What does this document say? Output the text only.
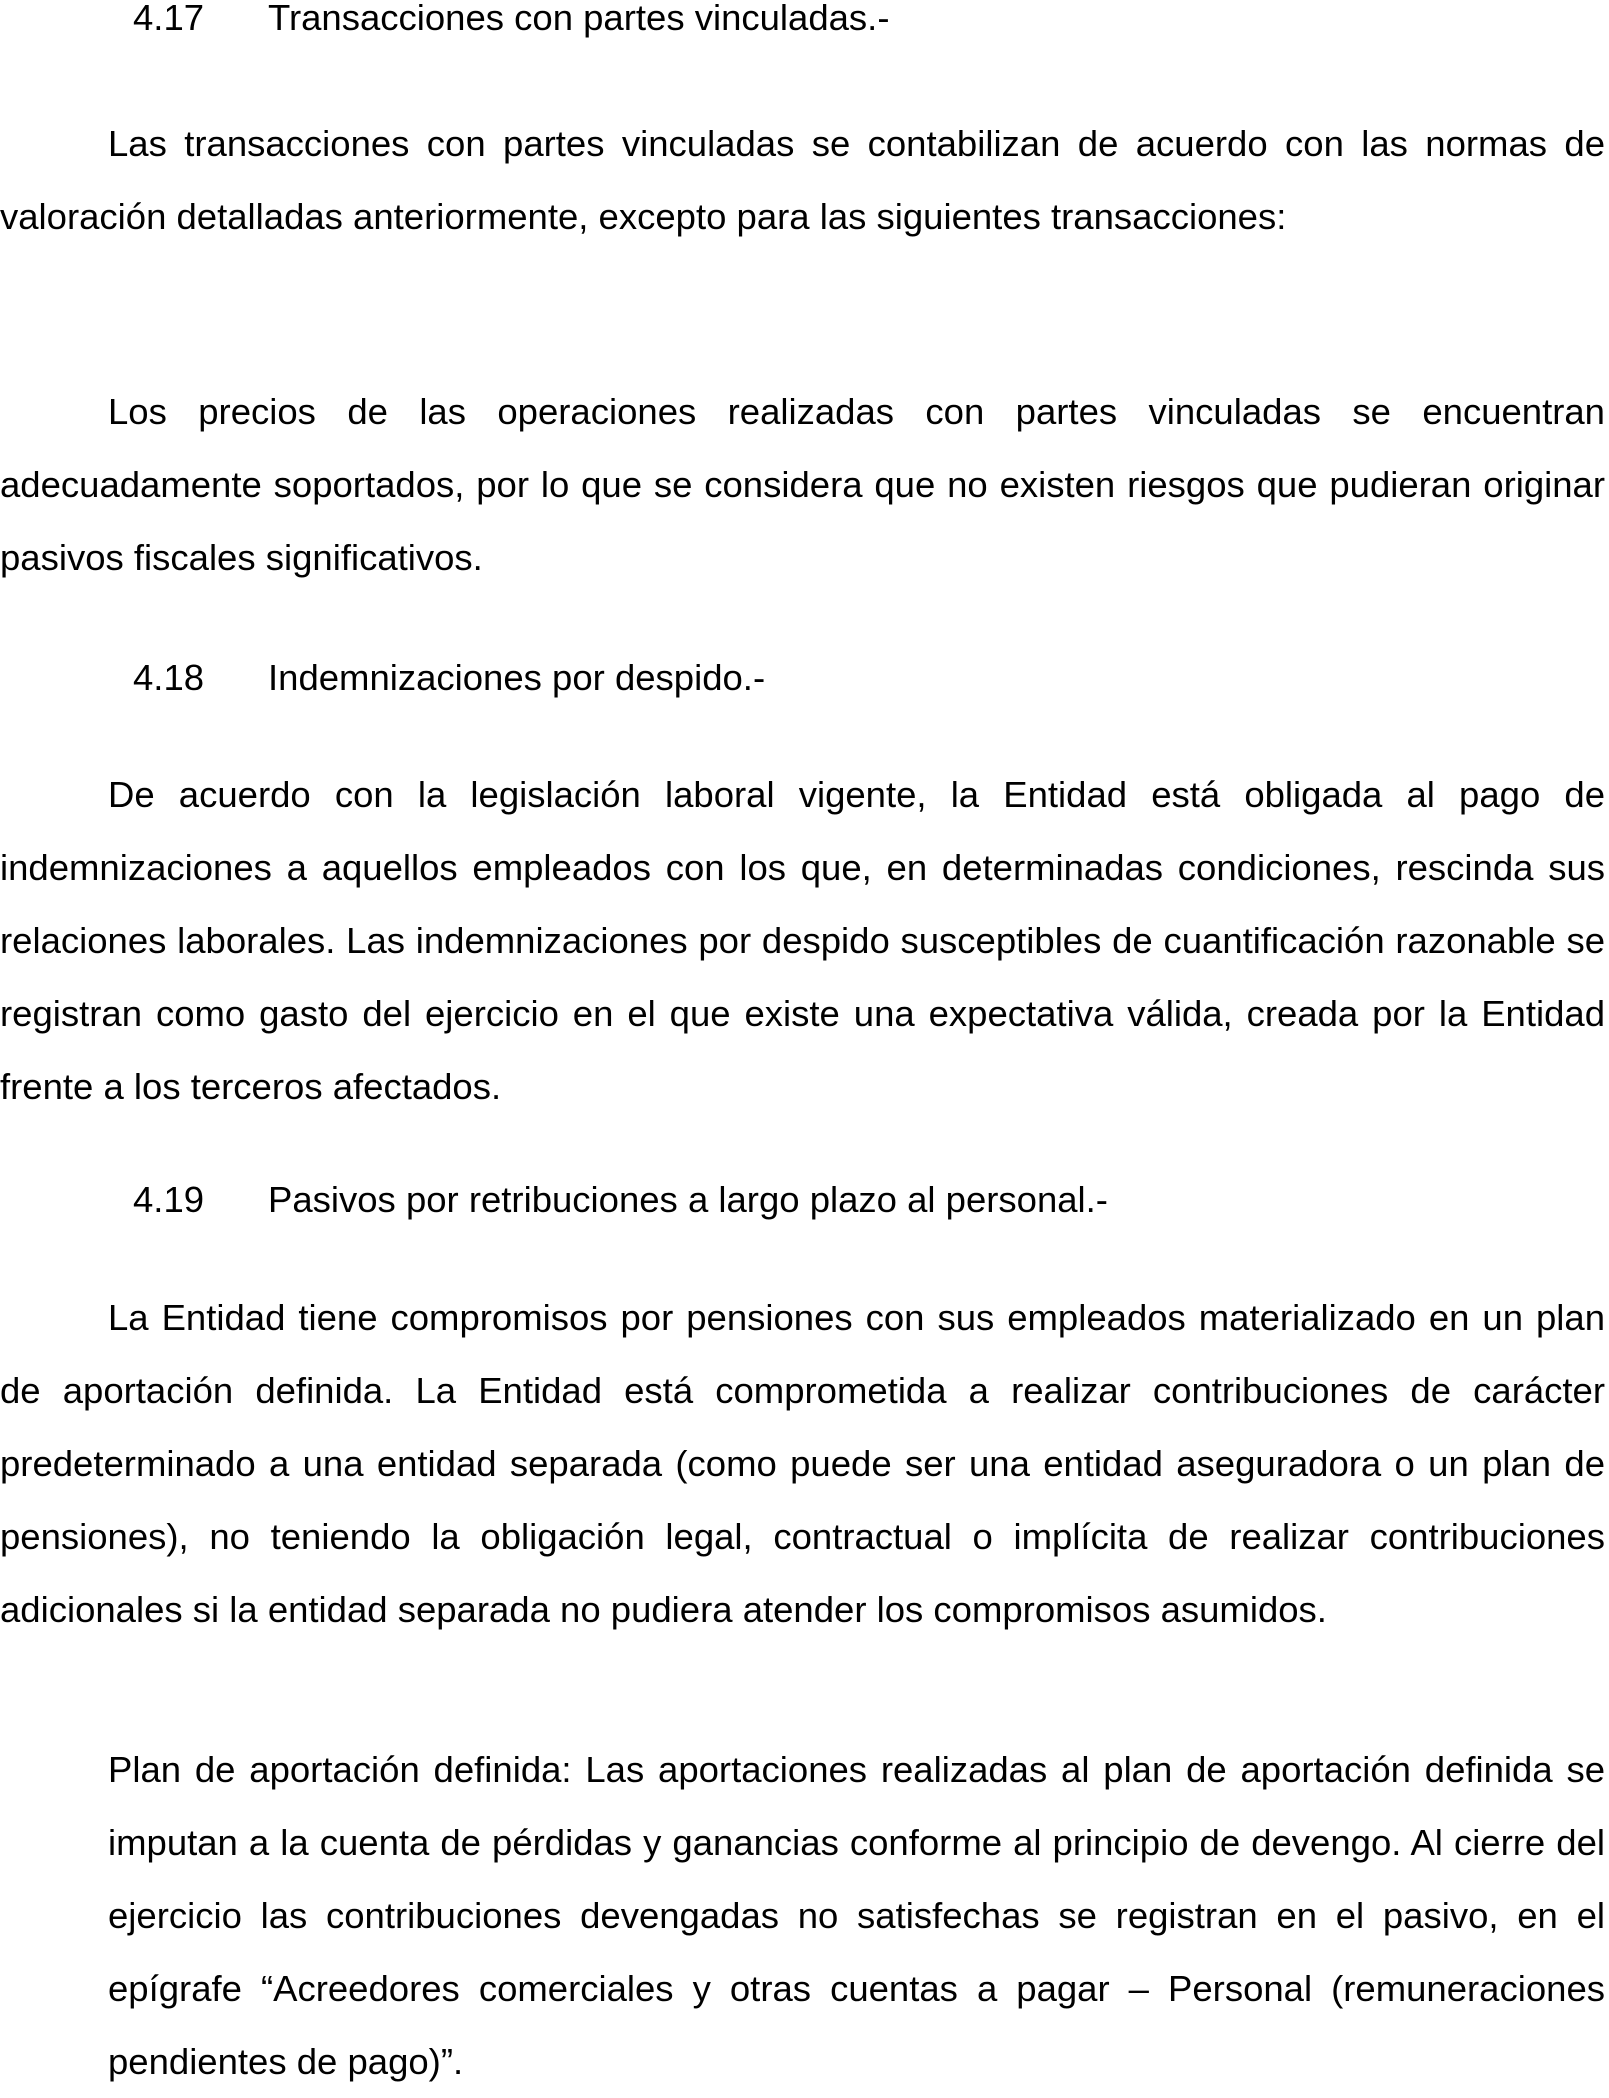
4.17 Transacciones con partes vinculadas.-

Las transacciones con partes vinculadas se contabilizan de acuerdo con las normas de valoración detalladas anteriormente, excepto para las siguientes transacciones:

Los precios de las operaciones realizadas con partes vinculadas se encuentran adecuadamente soportados, por lo que se considera que no existen riesgos que pudieran originar pasivos fiscales significativos.

4.18 Indemnizaciones por despido.-

De acuerdo con la legislación laboral vigente, la Entidad está obligada al pago de indemnizaciones a aquellos empleados con los que, en determinadas condiciones, rescinda sus relaciones laborales. Las indemnizaciones por despido susceptibles de cuantificación razonable se registran como gasto del ejercicio en el que existe una expectativa válida, creada por la Entidad frente a los terceros afectados.

4.19 Pasivos por retribuciones a largo plazo al personal.-

La Entidad tiene compromisos por pensiones con sus empleados materializado en un plan de aportación definida. La Entidad está comprometida a realizar contribuciones de carácter predeterminado a una entidad separada (como puede ser una entidad aseguradora o un plan de pensiones), no teniendo la obligación legal, contractual o implícita de realizar contribuciones adicionales si la entidad separada no pudiera atender los compromisos asumidos.

Plan de aportación definida: Las aportaciones realizadas al plan de aportación definida se imputan a la cuenta de pérdidas y ganancias conforme al principio de devengo. Al cierre del ejercicio las contribuciones devengadas no satisfechas se registran en el pasivo, en el epígrafe “Acreedores comerciales y otras cuentas a pagar – Personal (remuneraciones pendientes de pago)”.
